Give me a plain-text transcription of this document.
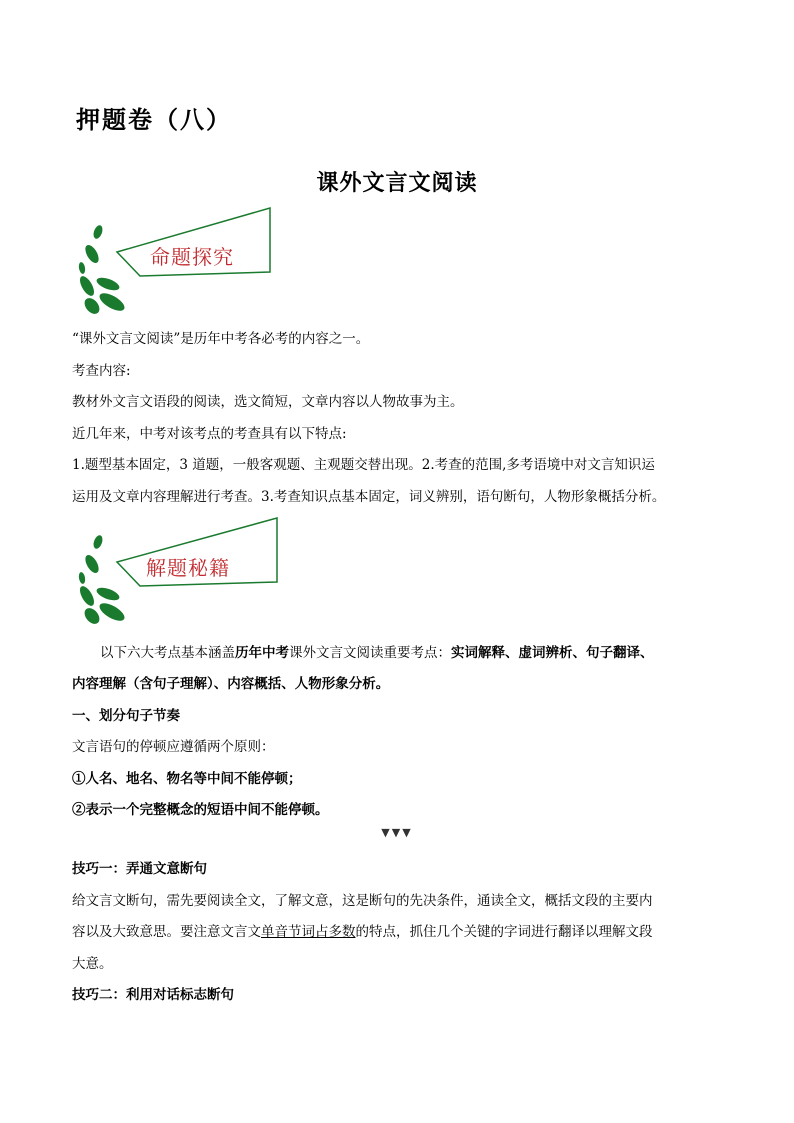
押题卷（八）
课外文言文阅读
命题探究
“课外文言文阅读”是历年中考各必考的内容之一。
考查内容:
教材外文言文语段的阅读，选文简短，文章内容以人物故事为主。
近几年来，中考对该考点的考查具有以下特点:
1.题型基本固定，3 道题，一般客观题、主观题交替出现。2.考查的范围,多考语境中对文言知识运
运用及文章内容理解进行考查。3.考查知识点基本固定，词义辨别，语句断句，人物形象概括分析。
解题秘籍
以下六大考点基本涵盖历年中考课外文言文阅读重要考点：实词解释、虚词辨析、句子翻译、
内容理解（含句子理解）、内容概括、人物形象分析。
一、划分句子节奏
文言语句的停顿应遵循两个原则：
①人名、地名、物名等中间不能停顿；
②表示一个完整概念的短语中间不能停顿。
▼▼▼
技巧一：弄通文意断句
给文言文断句，需先要阅读全文，了解文意，这是断句的先决条件，通读全文，概括文段的主要内
容以及大致意思。要注意文言文单音节词占多数的特点，抓住几个关键的字词进行翻译以理解文段
大意。
技巧二：利用对话标志断句
